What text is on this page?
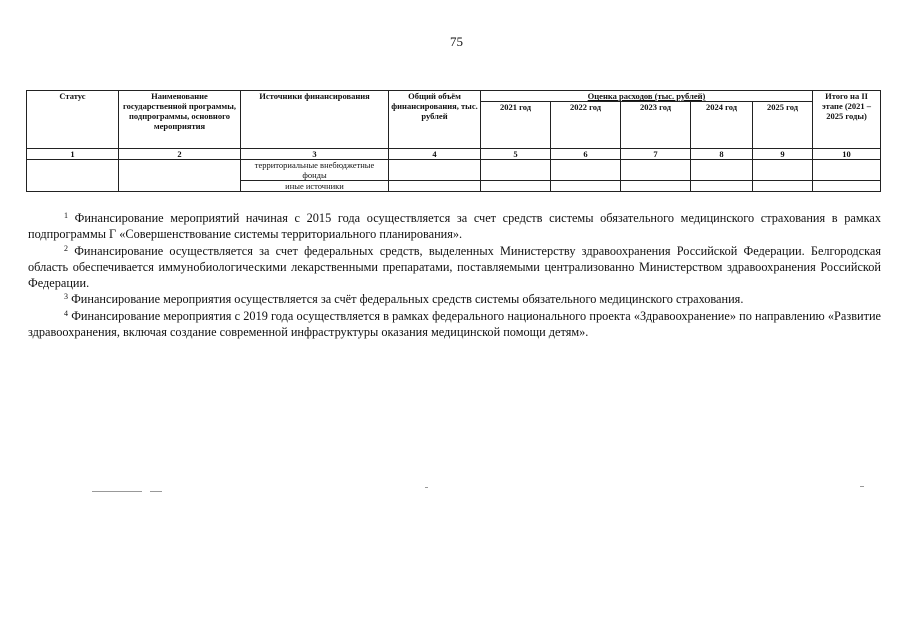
75
Статус	Наименование государственной программы, подпрограммы, основного мероприятия	Источники финансирования	Общий объём финансирования, тыс. рублей	Оценка расходов (тыс. рублей)					Итого на II этапе (2021 – 2025 годы)
				2021 год	2022 год	2023 год	2024 год	2025 год	
1	2	3	4	5	6	7	8	9	10
		территориальные внебюджетные фонды							
		иные источники							

$^1$ Финансирование мероприятий начиная с 2015 года осуществляется за счет средств системы обязательного медицинского страхования в рамках подпрограммы Г «Совершенствование системы территориального планирования».

$^2$ Финансирование осуществляется за счет федеральных средств, выделенных Министерству здравоохранения Российской Федерации. Белгородская область обеспечивается иммунобиологическими лекарственными препаратами, поставляемыми централизованно Министерством здравоохранения Российской Федерации.

$^3$ Финансирование мероприятия осуществляется за счёт федеральных средств системы обязательного медицинского страхования.

$^4$ Финансирование мероприятия с 2019 года осуществляется в рамках федерального национального проекта «Здравоохранение» по направлению «Развитие здравоохранения, включая создание современной инфраструктуры оказания медицинской помощи детям».
